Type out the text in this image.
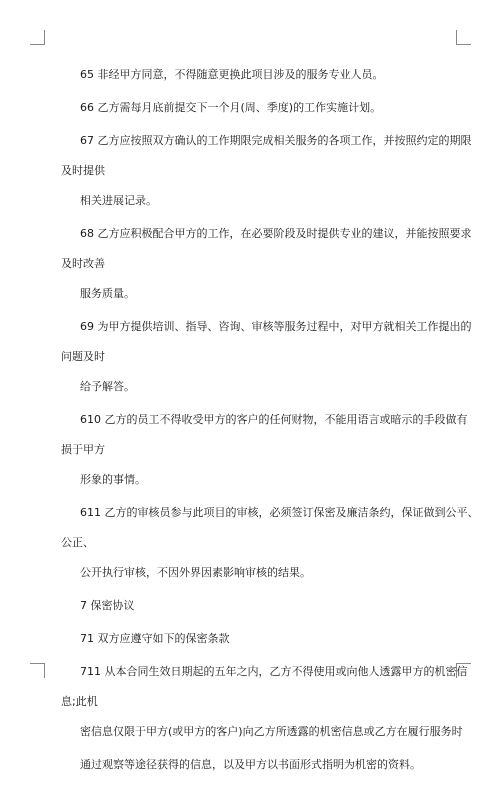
65 非经甲方同意，不得随意更换此项目涉及的服务专业人员。
66 乙方需每月底前提交下一个月(周、季度)的工作实施计划。
67 乙方应按照双方确认的工作期限完成相关服务的各项工作，并按照约定的期限
及时提供
相关进展记录。
68 乙方应积极配合甲方的工作，在必要阶段及时提供专业的建议，并能按照要求
及时改善
服务质量。
69 为甲方提供培训、指导、咨询、审核等服务过程中，对甲方就相关工作提出的
问题及时
给予解答。
610 乙方的员工不得收受甲方的客户的任何财物，不能用语言或暗示的手段做有
损于甲方
形象的事情。
611 乙方的审核员参与此项目的审核，必须签订保密及廉洁条约，保证做到公平、
公正、
公开执行审核，不因外界因素影响审核的结果。
7 保密协议
71 双方应遵守如下的保密条款
711 从本合同生效日期起的五年之内，乙方不得使用或向他人透露甲方的机密信
息;此机
密信息仅限于甲方(或甲方的客户)向乙方所透露的机密信息或乙方在履行服务时
通过观察等途径获得的信息，以及甲方以书面形式指明为机密的资料。
